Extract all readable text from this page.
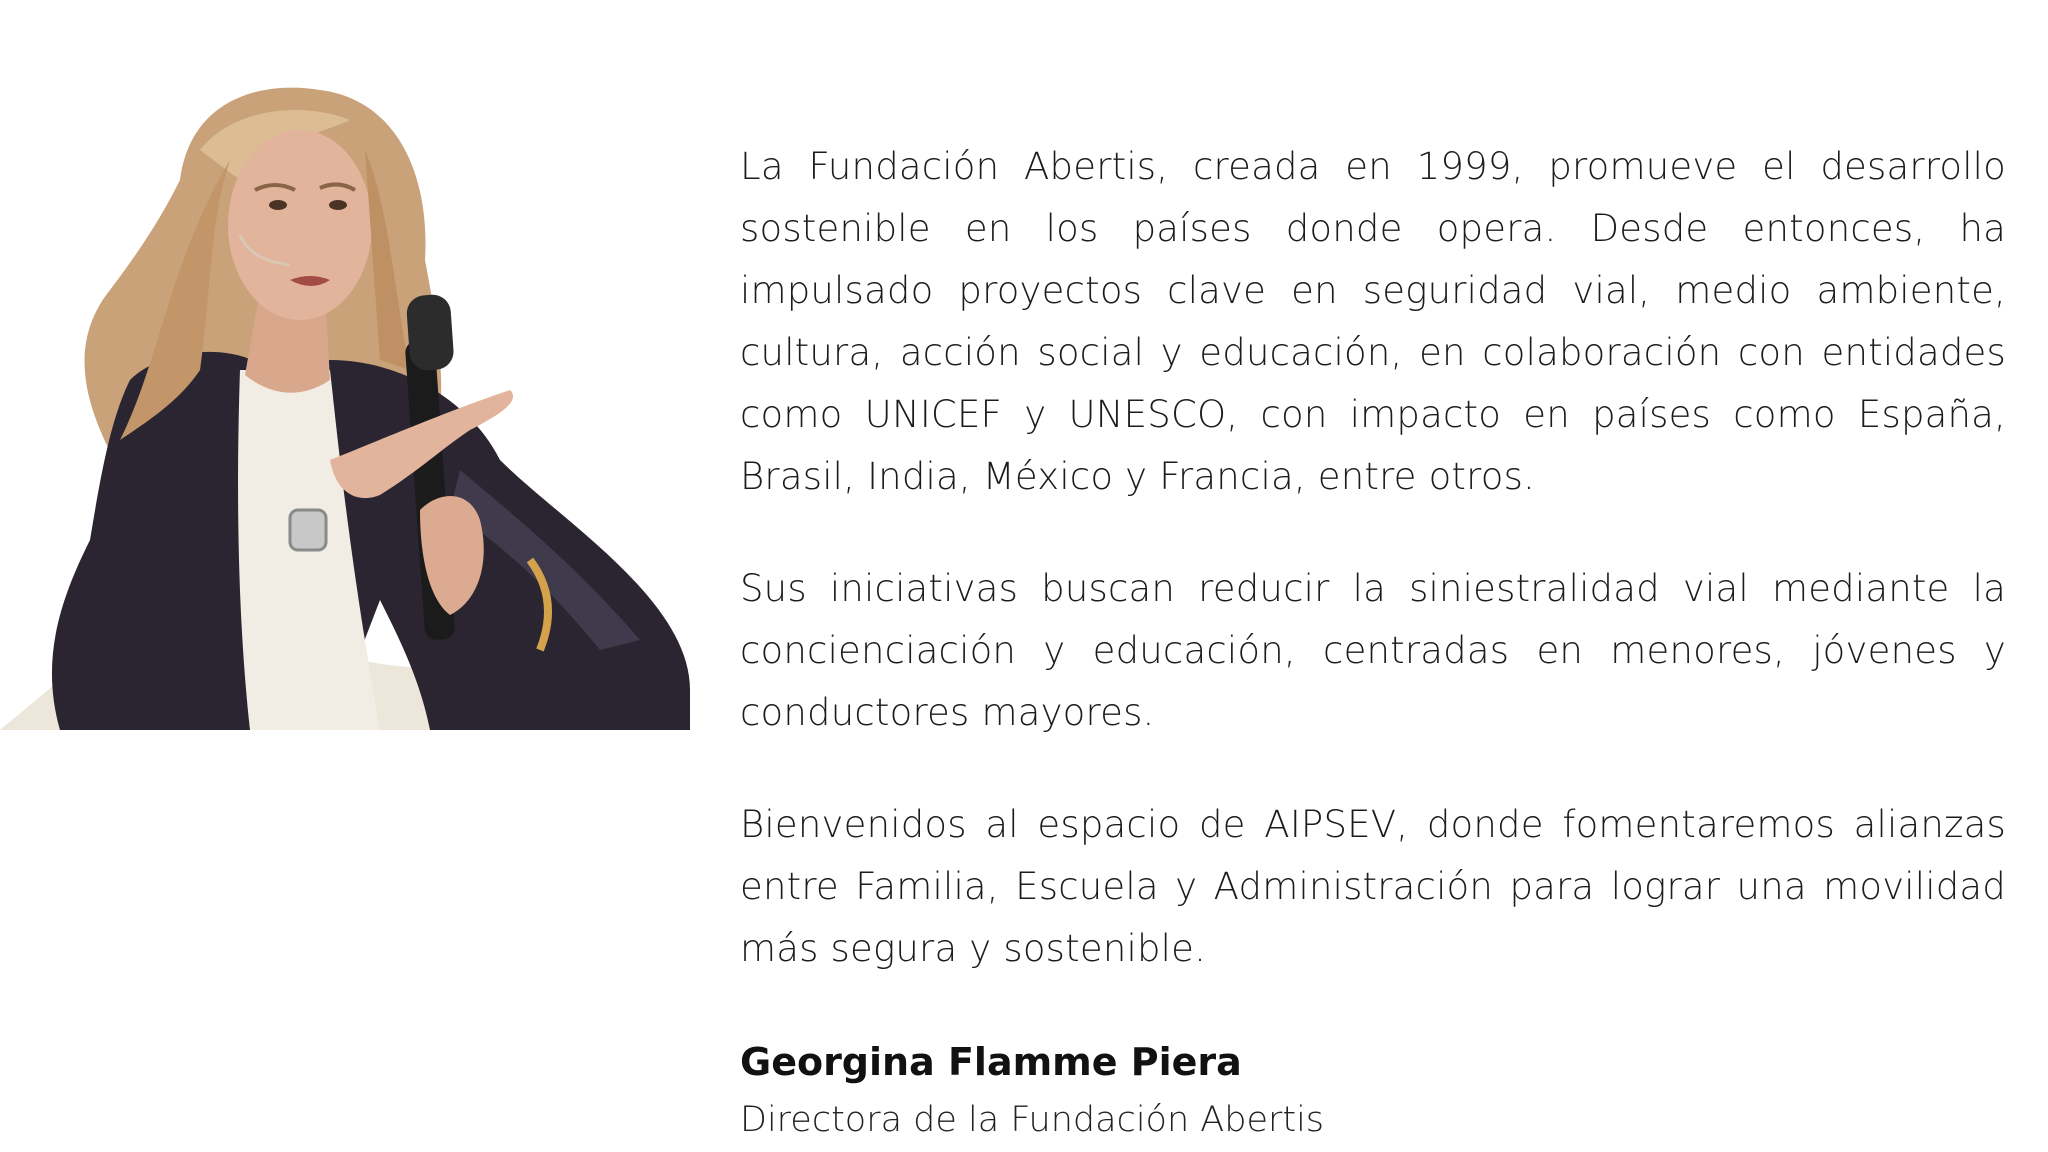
La Fundación Abertis, creada en 1999, promueve el desarrollo sostenible en los países donde opera. Desde entonces, ha impulsado proyectos clave en seguridad vial, medio ambiente, cultura, acción social y educación, en colaboración con entidades como UNICEF y UNESCO, con impacto en países como España, Brasil, India, México y Francia, entre otros.

Sus iniciativas buscan reducir la siniestralidad vial mediante la concienciación y educación, centradas en menores, jóvenes y conductores mayores.

Bienvenidos al espacio de AIPSEV, donde fomentaremos alianzas entre Familia, Escuela y Administración para lograr una movilidad más segura y sostenible.

Georgina Flamme Piera
Directora de la Fundación Abertis
